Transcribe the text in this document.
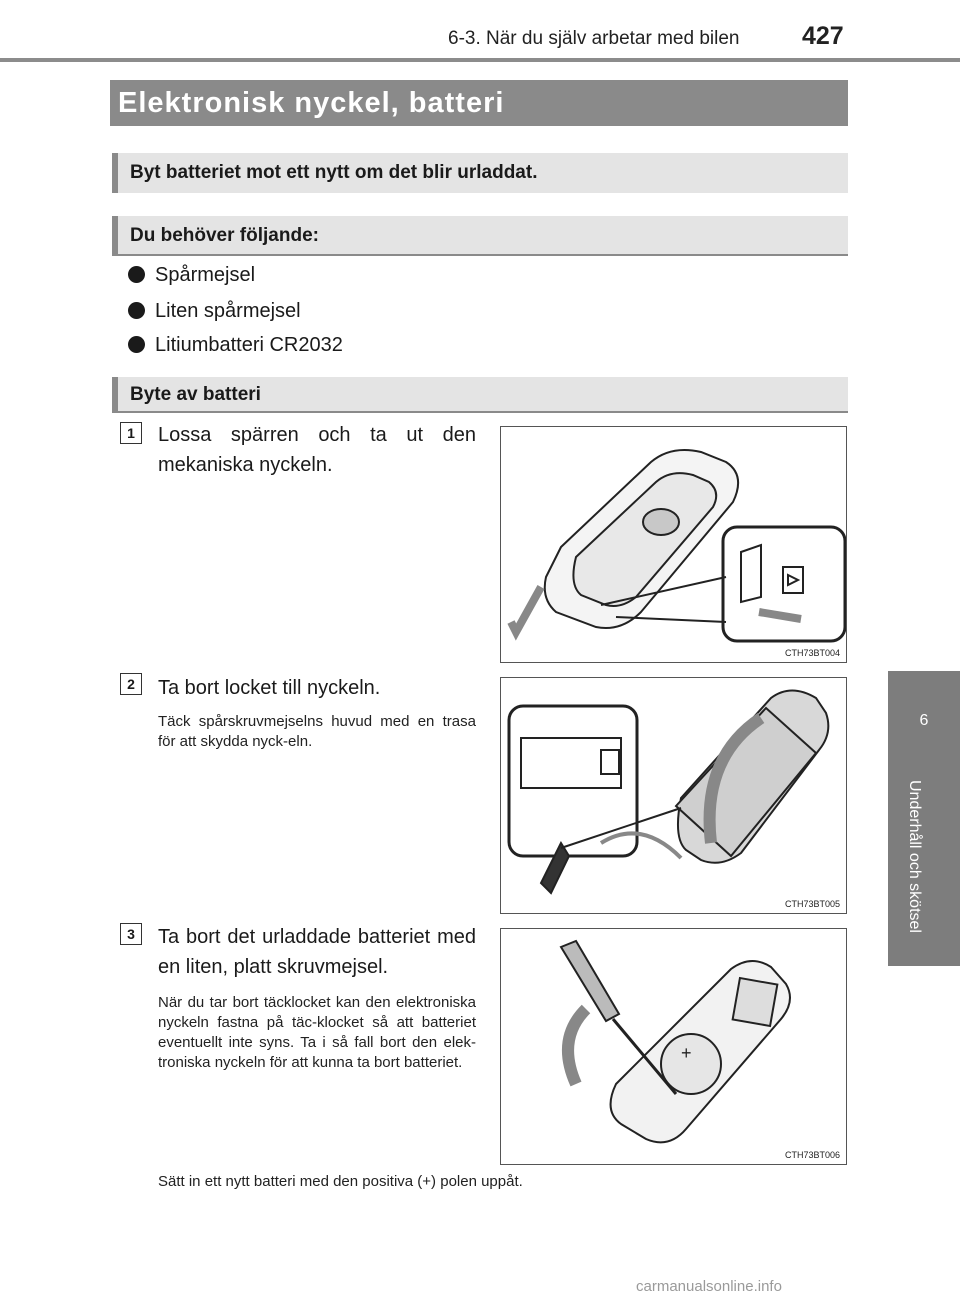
6-3. När du själv arbetar med bilen	427
6
Underhåll och skötsel
Elektronisk nyckel, batteri
Byt batteriet mot ett nytt om det blir urladdat.
Du behöver följande:
Spårmejsel
Liten spårmejsel
Litiumbatteri CR2032
Byte av batteri
1	Lossa spärren och ta ut den mekaniska nyckeln.
CTH73BT004
2	Ta bort locket till nyckeln.
Täck spårskruvmejselns huvud med en trasa för att skydda nyck-eln.
CTH73BT005
3	Ta bort det urladdade batteriet med en liten, platt skruvmejsel.
När du tar bort täcklocket kan den elektroniska nyckeln fastna på täc-klocket så att batteriet eventuellt inte syns. Ta i så fall bort den elek-troniska nyckeln för att kunna ta bort batteriet.	+
CTH73BT006
Sätt in ett nytt batteri med den positiva (+) polen uppåt.
carmanualsonline.info
